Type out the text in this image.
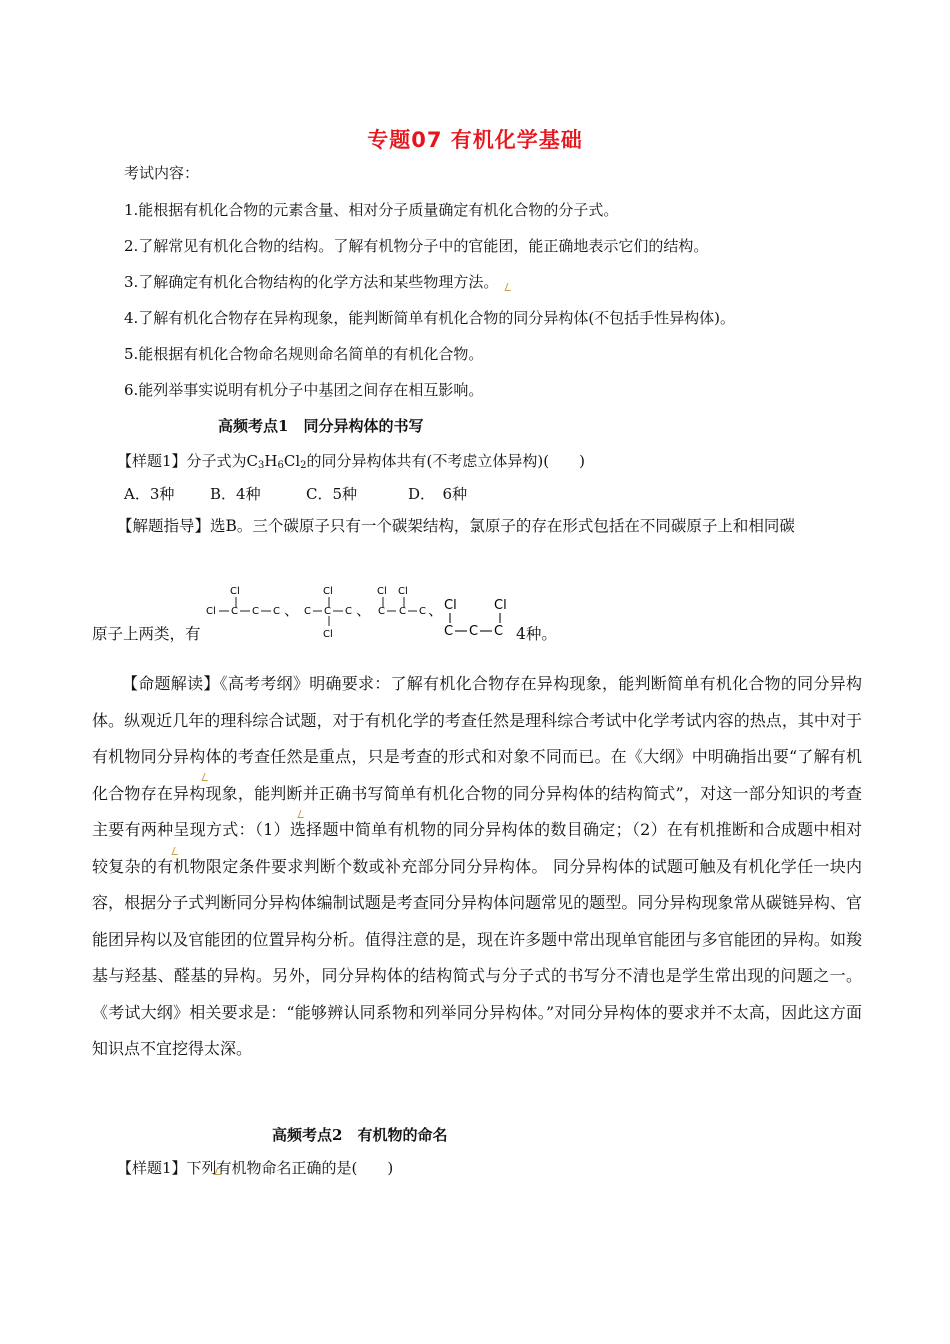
专题07 有机化学基础
考试内容：
1.能根据有机化合物的元素含量、相对分子质量确定有机化合物的分子式。
2.了解常见有机化合物的结构。了解有机物分子中的官能团，能正确地表示它们的结构。
3.了解确定有机化合物结构的化学方法和某些物理方法。
4.了解有机化合物存在异构现象，能判断简单有机化合物的同分异构体(不包括手性异构体)。
5.能根据有机化合物命名规则命名简单的有机化合物。
6.能列举事实说明有机分子中基团之间存在相互影响。
高频考点1　同分异构体的书写
【样题1】分子式为$C_3H_6Cl_2$的同分异构体共有(不考虑立体异构)(　　)
A．3种 B．4种	C．5种	D．　6种
【解题指导】选B。三个碳原子只有一个碳架结构，氯原子的存在形式包括在不同碳原子上和相同碳
原子上两类，有
Cl
Cl C C C 、
Cl
C C C
Cl
、
Cl Cl
C C C 、 Cl	Cl
C C C 4种。
【命题解读】《高考考纲》明确要求：了解有机化合物存在异构现象，能判断简单有机化合物的同分异构体。纵观近几年的理科综合试题，对于有机化学的考查任然是理科综合考试中化学考试内容的热点，其中对于有机物同分异构体的考查任然是重点，只是考查的形式和对象不同而已。在《大纲》中明确指出要“了解有机化合物存在异构现象，能判断并正确书写简单有机化合物的同分异构体的结构简式”，对这一部分知识的考查主要有两种呈现方式：（1）选择题中简单有机物的同分异构体的数目确定；（2）在有机推断和合成题中相对较复杂的有机物限定条件要求判断个数或补充部分同分异构体。 同分异构体的试题可触及有机化学任一块内容，根据分子式判断同分异构体编制试题是考查同分异构体问题常见的题型。同分异构现象常从碳链异构、官能团异构以及官能团的位置异构分析。值得注意的是，现在许多题中常出现单官能团与多官能团的异构。如羧基与羟基、醛基的异构。另外，同分异构体的结构简式与分子式的书写分不清也是学生常出现的问题之一。《考试大纲》相关要求是：“能够辨认同系物和列举同分异构体。”对同分异构体的要求并不太高，因此这方面知识点不宜挖得太深。
高频考点2　有机物的命名
【样题1】下列有机物命名正确的是(　　)
